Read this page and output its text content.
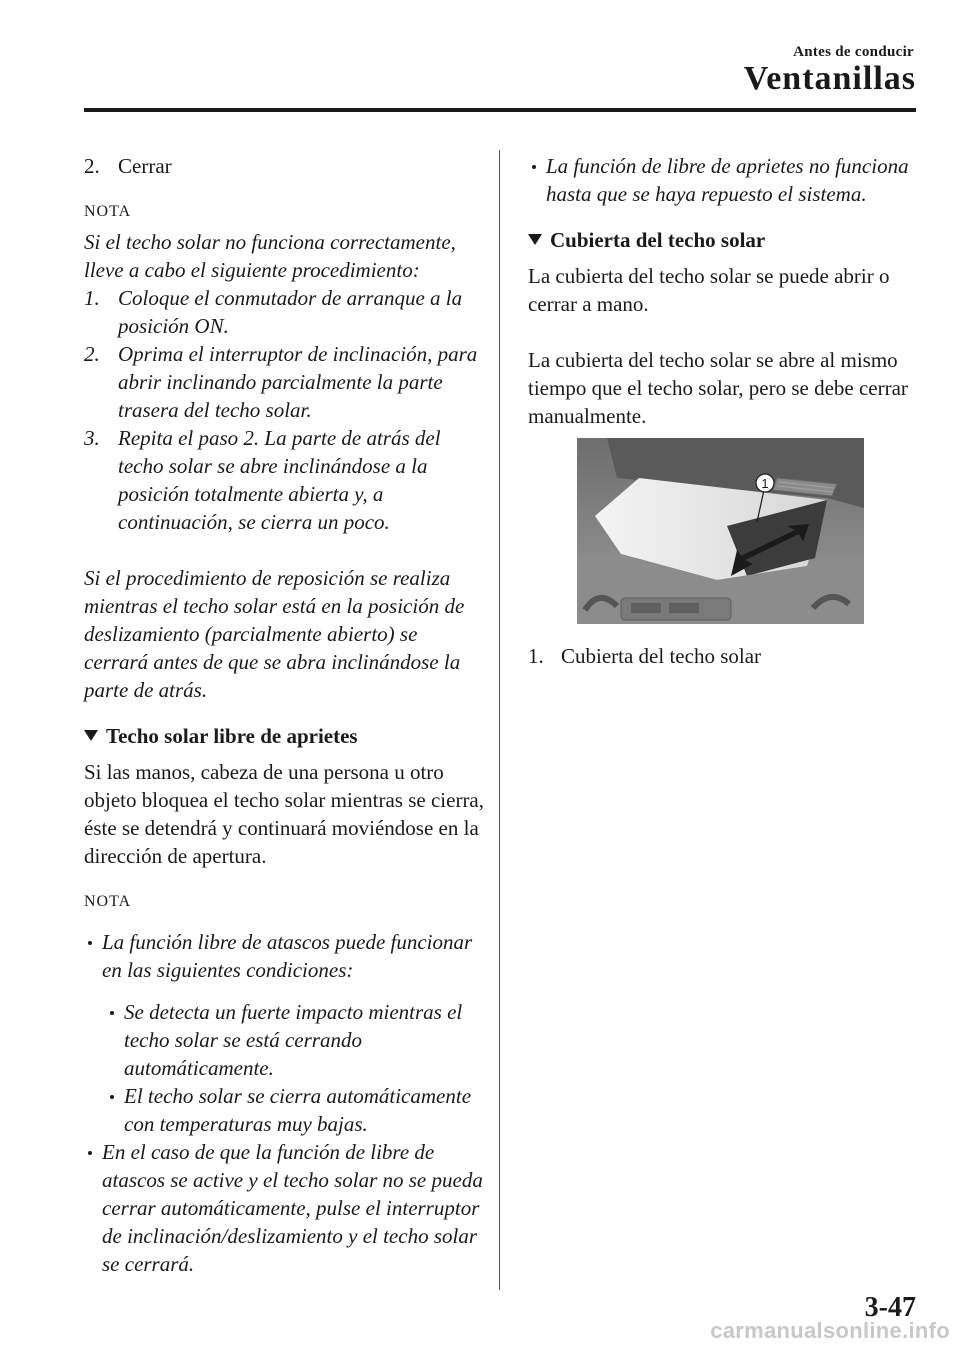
Antes de conducir
Ventanillas

2. Cerrar

NOTA

Si el techo solar no funciona correctamente, lleve a cabo el siguiente procedimiento:

1. Coloque el conmutador de arranque a la posición ON.

2. Oprima el interruptor de inclinación, para abrir inclinando parcialmente la parte trasera del techo solar.

3. Repita el paso 2. La parte de atrás del techo solar se abre inclinándose a la posición totalmente abierta y, a continuación, se cierra un poco.

Si el procedimiento de reposición se realiza mientras el techo solar está en la posición de deslizamiento (parcialmente abierto) se cerrará antes de que se abra inclinándose la parte de atrás.

Techo solar libre de aprietes

Si las manos, cabeza de una persona u otro objeto bloquea el techo solar mientras se cierra, éste se detendrá y continuará moviéndose en la dirección de apertura.

NOTA

La función libre de atascos puede funcionar en las siguientes condiciones:

Se detecta un fuerte impacto mientras el techo solar se está cerrando automáticamente.

El techo solar se cierra automáticamente con temperaturas muy bajas.

En el caso de que la función de libre de atascos se active y el techo solar no se pueda cerrar automáticamente, pulse el interruptor de inclinación/deslizamiento y el techo solar se cerrará.

La función de libre de aprietes no funciona hasta que se haya repuesto el sistema.

Cubierta del techo solar

La cubierta del techo solar se puede abrir o cerrar a mano.

La cubierta del techo solar se abre al mismo tiempo que el techo solar, pero se debe cerrar manualmente.

1

1. Cubierta del techo solar

3-47
carmanualsonline.info
